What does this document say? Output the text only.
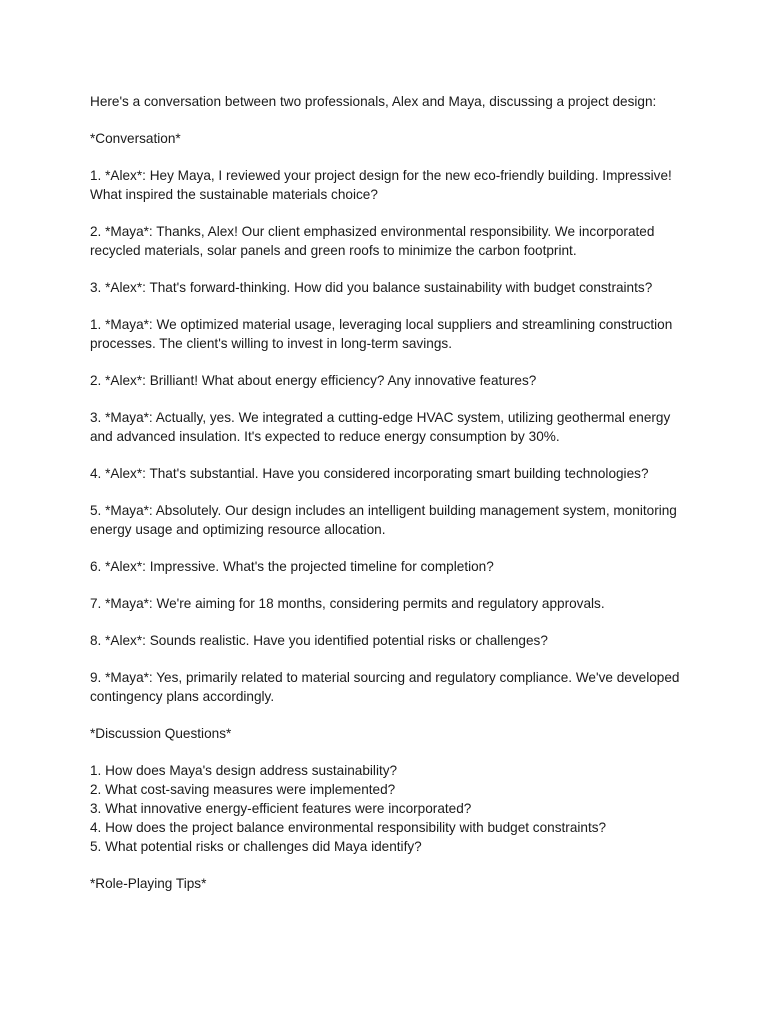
Here's a conversation between two professionals, Alex and Maya, discussing a project design:

*Conversation*

1. *Alex*: Hey Maya, I reviewed your project design for the new eco-friendly building. Impressive! What inspired the sustainable materials choice?

2. *Maya*: Thanks, Alex! Our client emphasized environmental responsibility. We incorporated recycled materials, solar panels and green roofs to minimize the carbon footprint.

3. *Alex*: That's forward-thinking. How did you balance sustainability with budget constraints?

1. *Maya*: We optimized material usage, leveraging local suppliers and streamlining construction processes. The client's willing to invest in long-term savings.

2. *Alex*: Brilliant! What about energy efficiency? Any innovative features?

3. *Maya*: Actually, yes. We integrated a cutting-edge HVAC system, utilizing geothermal energy and advanced insulation. It's expected to reduce energy consumption by 30%.

4. *Alex*: That's substantial. Have you considered incorporating smart building technologies?

5. *Maya*: Absolutely. Our design includes an intelligent building management system, monitoring energy usage and optimizing resource allocation.

6. *Alex*: Impressive. What's the projected timeline for completion?

7. *Maya*: We're aiming for 18 months, considering permits and regulatory approvals.

8. *Alex*: Sounds realistic. Have you identified potential risks or challenges?

9. *Maya*: Yes, primarily related to material sourcing and regulatory compliance. We've developed contingency plans accordingly.

*Discussion Questions*

1. How does Maya's design address sustainability?
2. What cost-saving measures were implemented?
3. What innovative energy-efficient features were incorporated?
4. How does the project balance environmental responsibility with budget constraints?
5. What potential risks or challenges did Maya identify?

*Role-Playing Tips*
